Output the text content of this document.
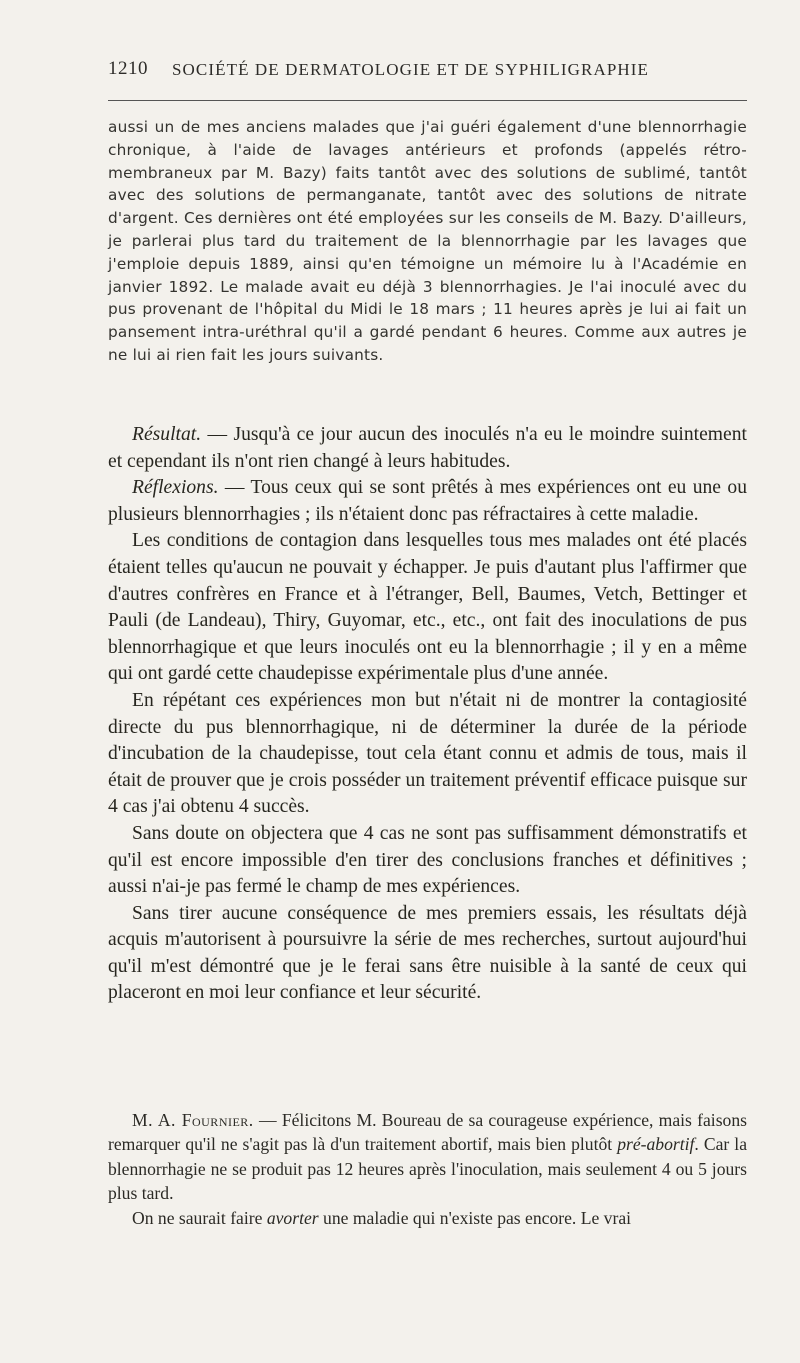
1210 SOCIÉTÉ DE DERMATOLOGIE ET DE SYPHILIGRAPHIE

aussi un de mes anciens malades que j'ai guéri également d'une blennorrhagie chronique, à l'aide de lavages antérieurs et profonds (appelés rétro-membraneux par M. Bazy) faits tantôt avec des solutions de sublimé, tantôt avec des solutions de permanganate, tantôt avec des solutions de nitrate d'argent. Ces dernières ont été employées sur les conseils de M. Bazy. D'ailleurs, je parlerai plus tard du traitement de la blennorrhagie par les lavages que j'emploie depuis 1889, ainsi qu'en témoigne un mémoire lu à l'Académie en janvier 1892. Le malade avait eu déjà 3 blennorrhagies. Je l'ai inoculé avec du pus provenant de l'hôpital du Midi le 18 mars ; 11 heures après je lui ai fait un pansement intra-uréthral qu'il a gardé pendant 6 heures. Comme aux autres je ne lui ai rien fait les jours suivants.

Résultat. — Jusqu'à ce jour aucun des inoculés n'a eu le moindre suintement et cependant ils n'ont rien changé à leurs habitudes.

Réflexions. — Tous ceux qui se sont prêtés à mes expériences ont eu une ou plusieurs blennorrhagies ; ils n'étaient donc pas réfractaires à cette maladie.

Les conditions de contagion dans lesquelles tous mes malades ont été placés étaient telles qu'aucun ne pouvait y échapper. Je puis d'autant plus l'affirmer que d'autres confrères en France et à l'étranger, Bell, Baumes, Vetch, Bettinger et Pauli (de Landeau), Thiry, Guyomar, etc., etc., ont fait des inoculations de pus blennorrhagique et que leurs inoculés ont eu la blennorrhagie ; il y en a même qui ont gardé cette chaudepisse expérimentale plus d'une année.

En répétant ces expériences mon but n'était ni de montrer la contagiosité directe du pus blennorrhagique, ni de déterminer la durée de la période d'incubation de la chaudepisse, tout cela étant connu et admis de tous, mais il était de prouver que je crois posséder un traitement préventif efficace puisque sur 4 cas j'ai obtenu 4 succès.

Sans doute on objectera que 4 cas ne sont pas suffisamment démonstratifs et qu'il est encore impossible d'en tirer des conclusions franches et définitives ; aussi n'ai-je pas fermé le champ de mes expériences.

Sans tirer aucune conséquence de mes premiers essais, les résultats déjà acquis m'autorisent à poursuivre la série de mes recherches, surtout aujourd'hui qu'il m'est démontré que je le ferai sans être nuisible à la santé de ceux qui placeront en moi leur confiance et leur sécurité.

M. A. Fournier. — Félicitons M. Boureau de sa courageuse expérience, mais faisons remarquer qu'il ne s'agit pas là d'un traitement abortif, mais bien plutôt pré-abortif. Car la blennorrhagie ne se produit pas 12 heures après l'inoculation, mais seulement 4 ou 5 jours plus tard.

On ne saurait faire avorter une maladie qui n'existe pas encore. Le vrai
